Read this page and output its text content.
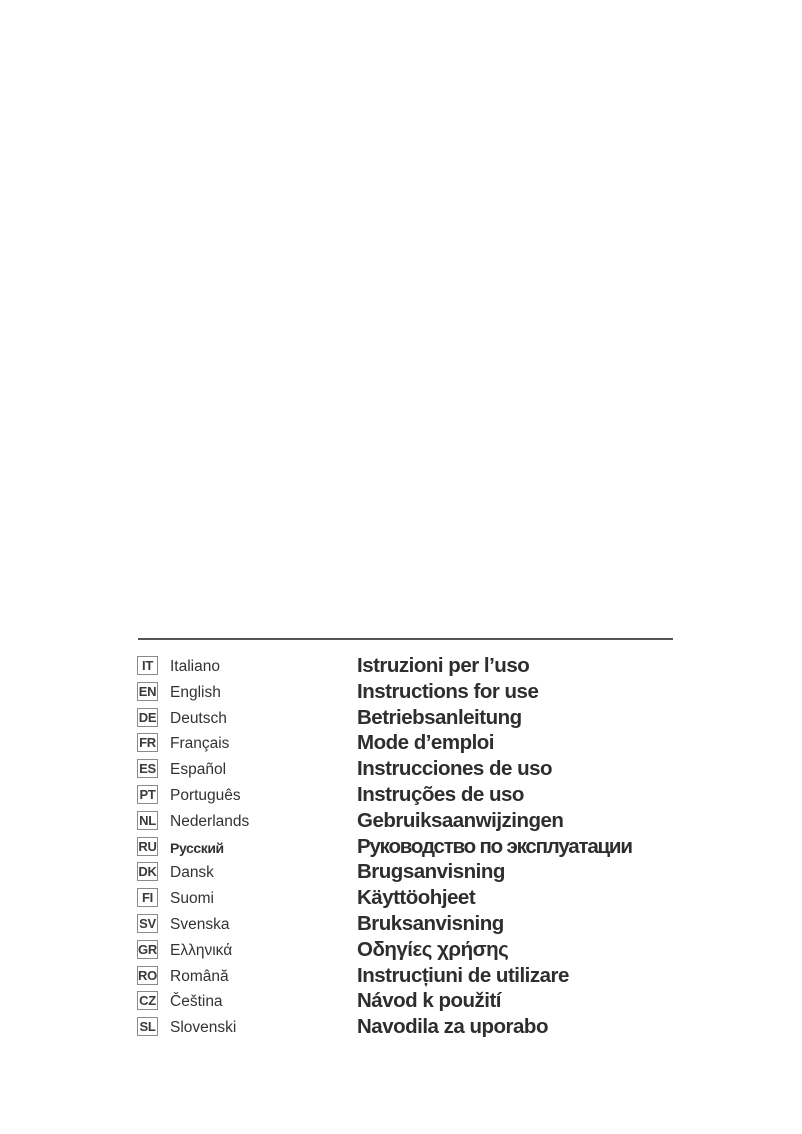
IT	Italiano	Istruzioni per l’uso
EN English	Instructions for use
DE Deutsch	Betriebsanleitung
FR Français	Mode d’emploi
ES Español	Instrucciones de uso
PT Português	Instruções de uso
NL Nederlands	Gebruiksaanwijzingen
RU Русский	Руководство по эксплуатации
DK Dansk	Brugsanvisning
FI	Suomi	Käyttöohjeet
SV Svenska	Bruksanvisning
GR Ελληνικά	Οδηγίες χρήσης
RO Română	Instrucțiuni de utilizare
CZ Čeština	Návod k použití
SL Slovenski	Navodila za uporabo
